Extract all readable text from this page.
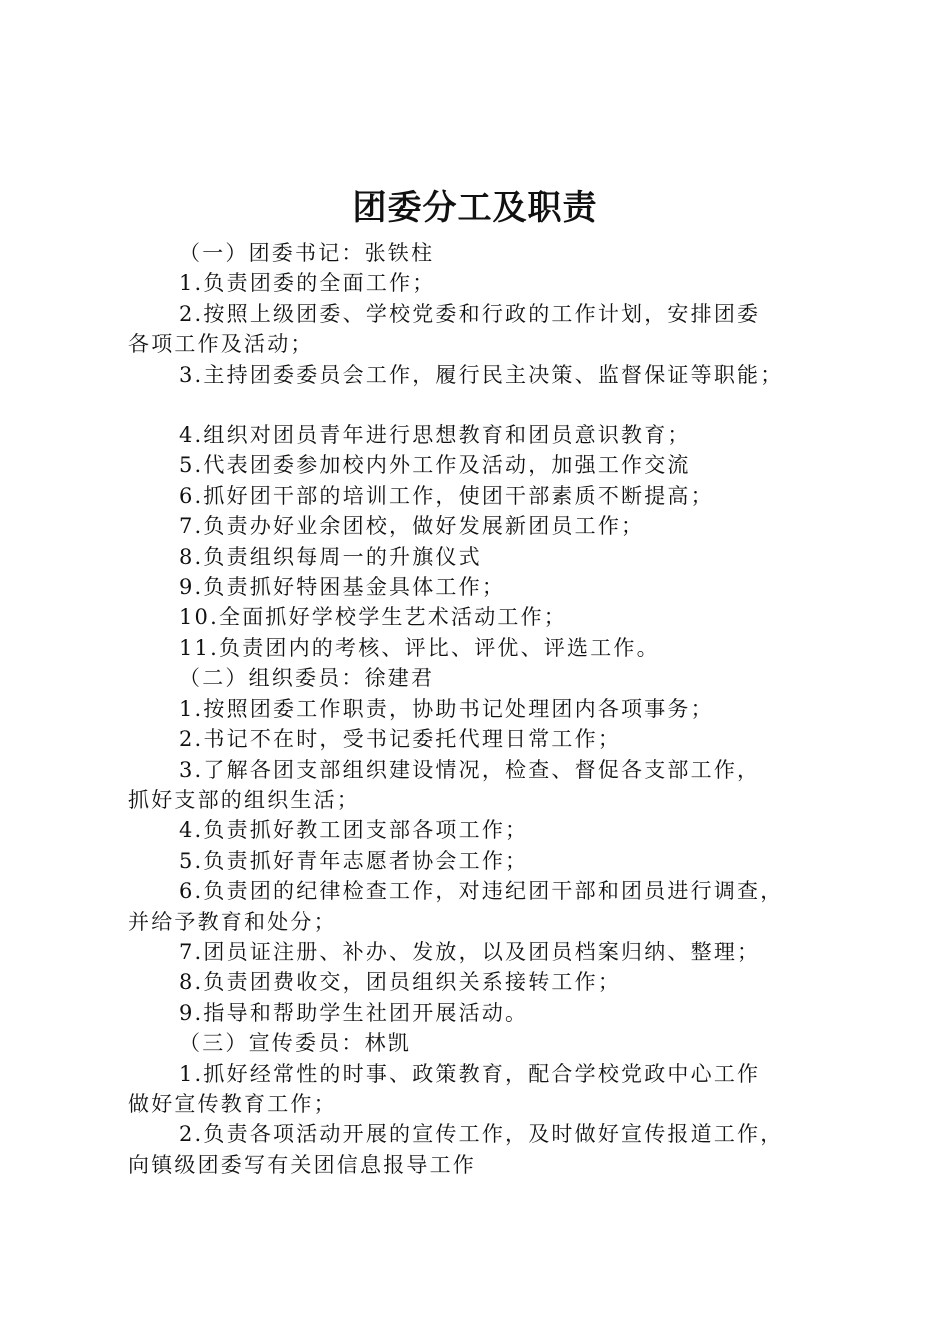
团委分工及职责

（一）团委书记：张铁柱

1.负责团委的全面工作；

2.按照上级团委、学校党委和行政的工作计划，安排团委

各项工作及活动；

3.主持团委委员会工作，履行民主决策、监督保证等职能；

4.组织对团员青年进行思想教育和团员意识教育；

5.代表团委参加校内外工作及活动，加强工作交流

6.抓好团干部的培训工作，使团干部素质不断提高；

7.负责办好业余团校，做好发展新团员工作；

8.负责组织每周一的升旗仪式

9.负责抓好特困基金具体工作；

10.全面抓好学校学生艺术活动工作；

11.负责团内的考核、评比、评优、评选工作。

（二）组织委员：徐建君

1.按照团委工作职责，协助书记处理团内各项事务；

2.书记不在时，受书记委托代理日常工作；

3.了解各团支部组织建设情况，检查、督促各支部工作，

抓好支部的组织生活；

4.负责抓好教工团支部各项工作；

5.负责抓好青年志愿者协会工作；

6.负责团的纪律检查工作，对违纪团干部和团员进行调查，

并给予教育和处分；

7.团员证注册、补办、发放，以及团员档案归纳、整理；

8.负责团费收交，团员组织关系接转工作；

9.指导和帮助学生社团开展活动。

（三）宣传委员：林凯

1.抓好经常性的时事、政策教育，配合学校党政中心工作

做好宣传教育工作；

2.负责各项活动开展的宣传工作，及时做好宣传报道工作，

向镇级团委写有关团信息报导工作
